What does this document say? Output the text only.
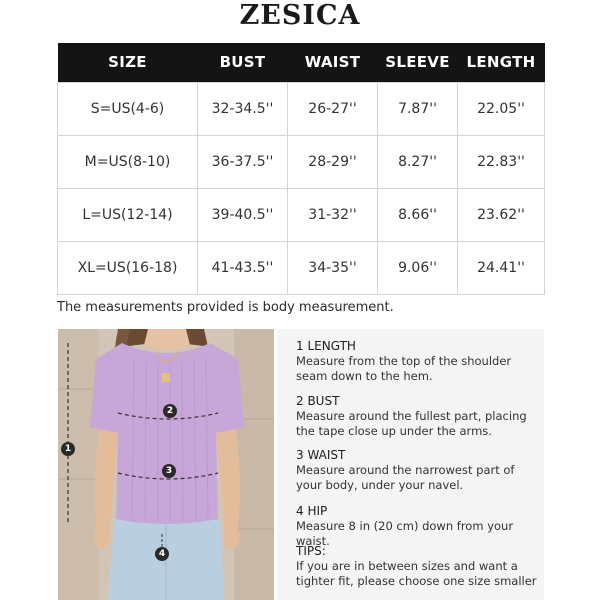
ZESICA
SIZE	BUST	WAIST	SLEEVE	LENGTH
S=US(4-6)	32-34.5''	26-27''	7.87''	22.05''
M=US(8-10)	36-37.5''	28-29''	8.27''	22.83''
L=US(12-14)	39-40.5''	31-32''	8.66''	23.62''
XL=US(16-18)	41-43.5''	34-35''	9.06''	24.41''
The measurements provided is body measurement.
1
2
3
4
1 LENGTH
Measure from the top of the shoulder seam down to the hem.
2 BUST
Measure around the fullest part, placing the tape close up under the arms.
3 WAIST
Measure around the narrowest part of your body, under your navel.
4 HIP
Measure 8 in (20 cm) down from your waist.
TIPS:
If you are in between sizes and want a tighter fit, please choose one size smaller
